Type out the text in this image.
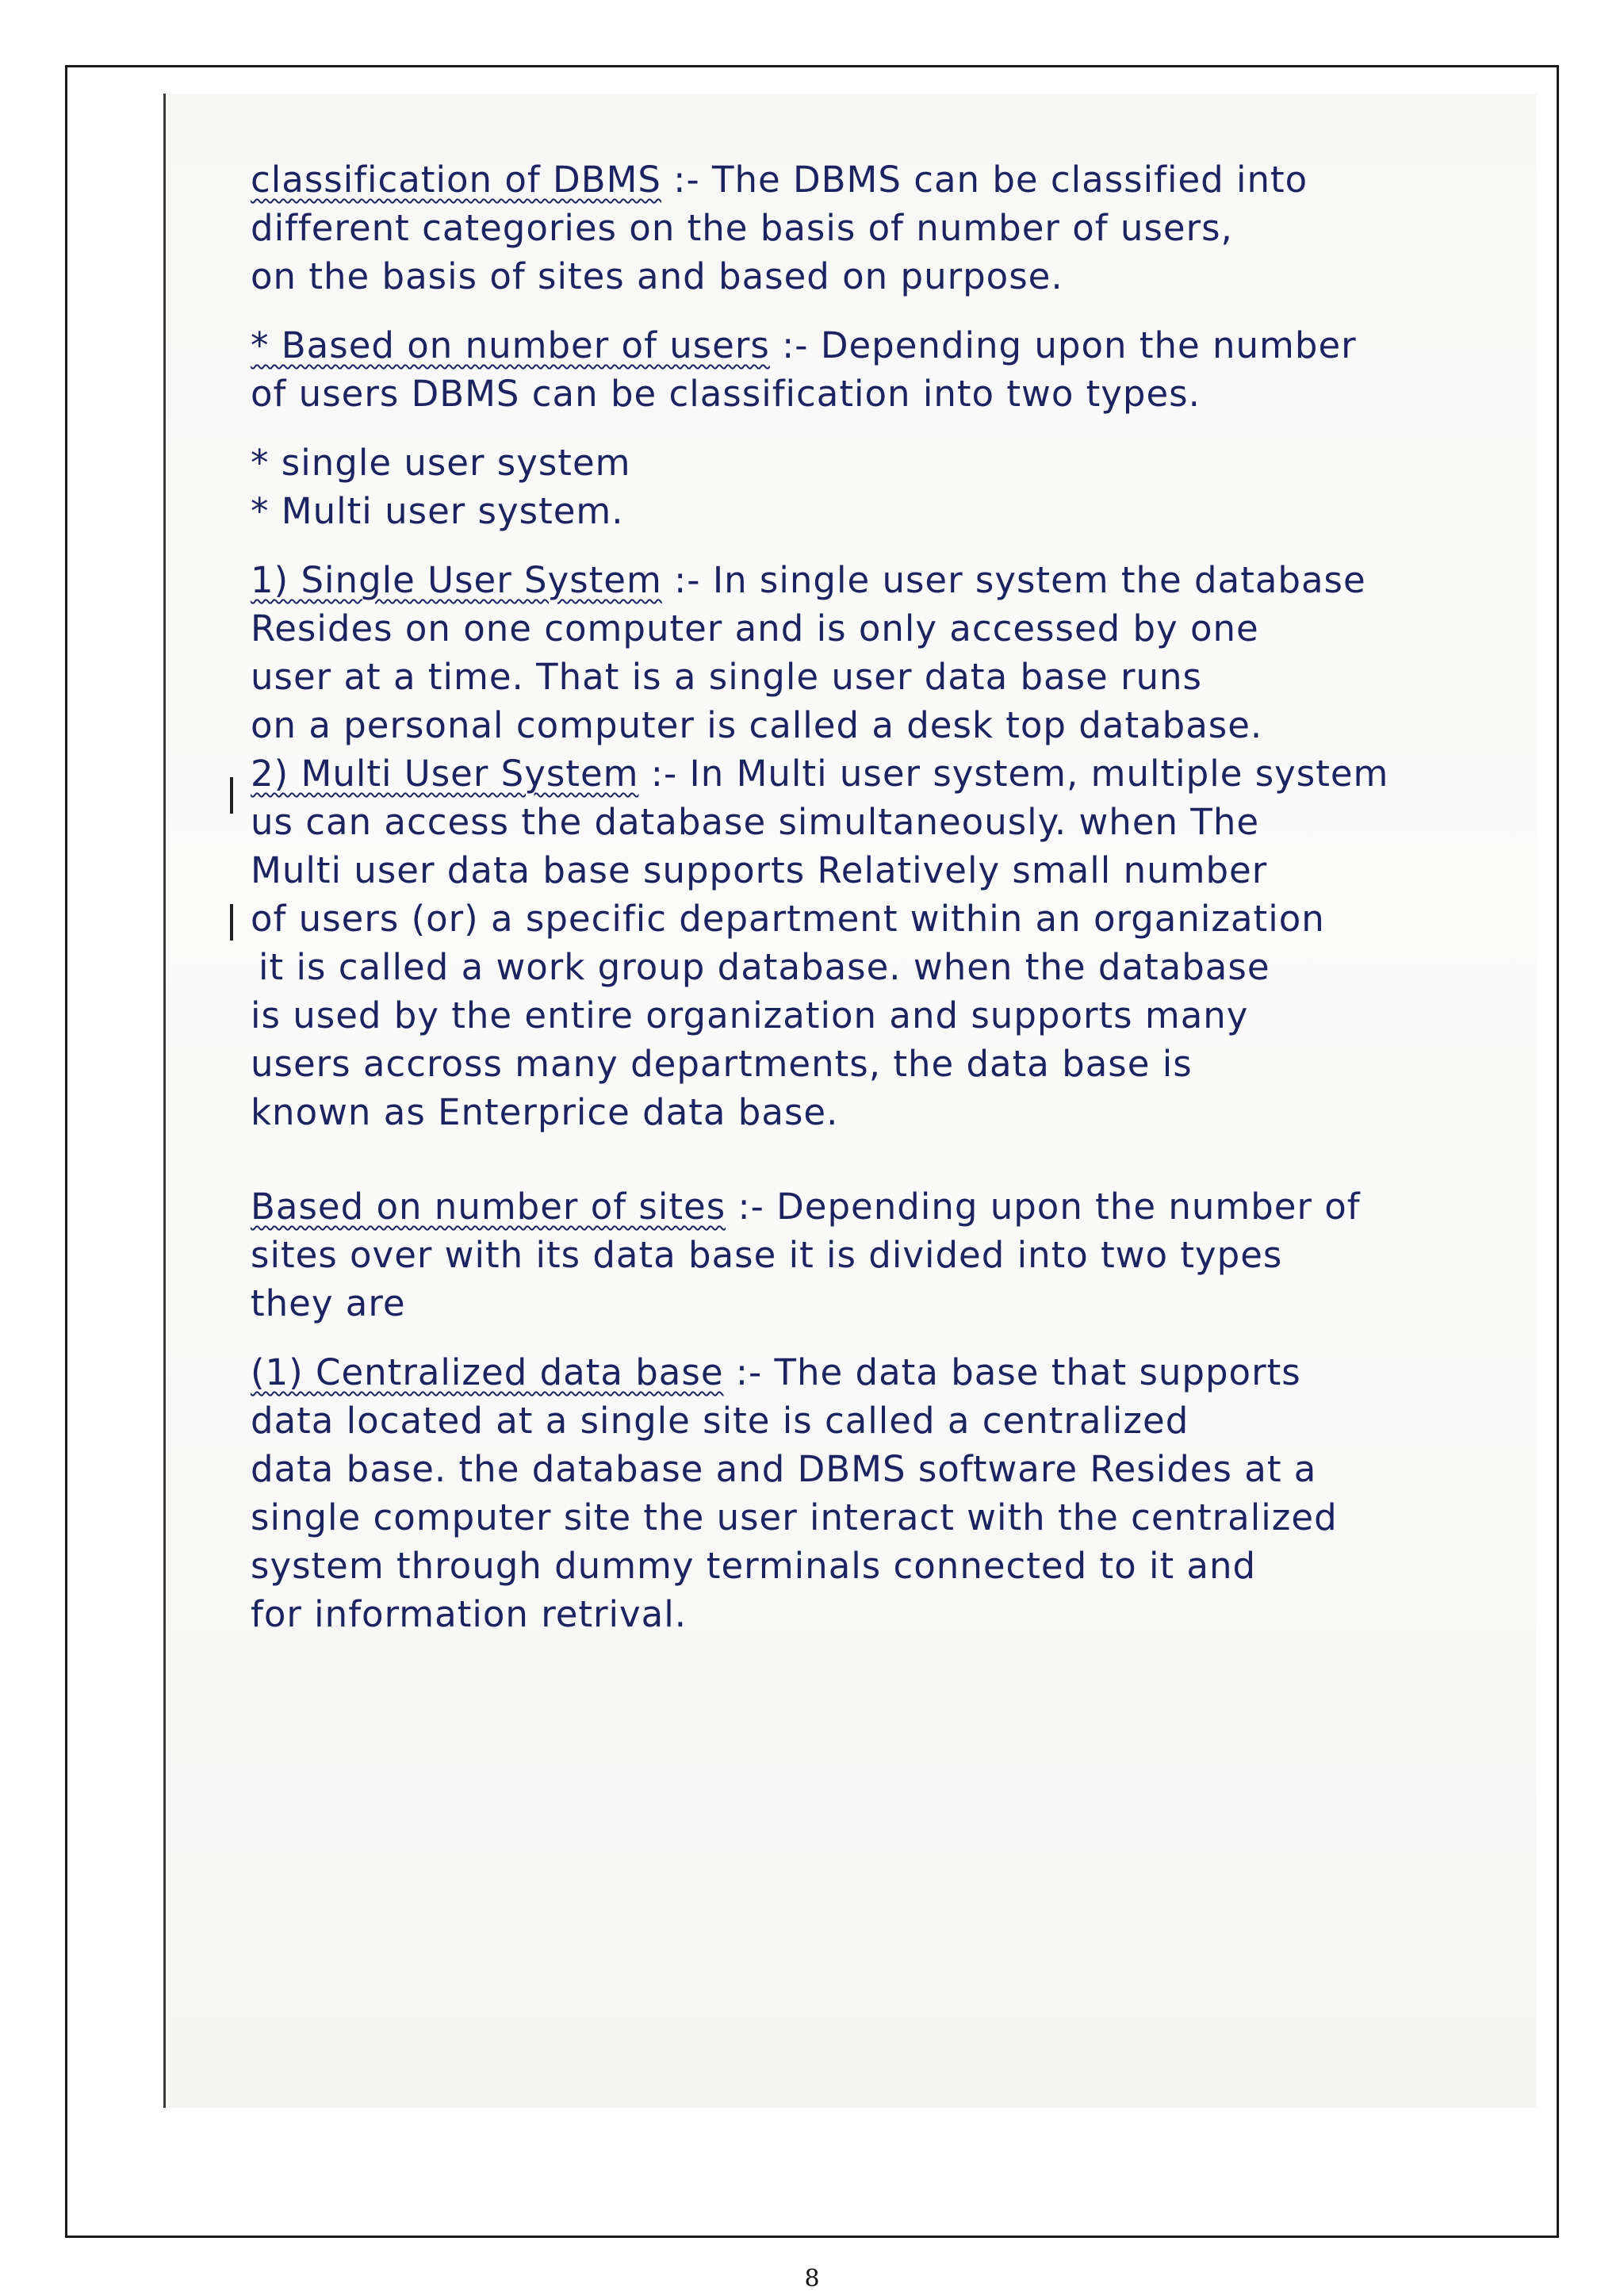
classification of DBMS :- The DBMS can be classified into

different categories on the basis of number of users,

on the basis of sites and based on purpose.

* Based on number of users :- Depending upon the number

of users DBMS can be classification into two types.

* single user system

* Multi user system.

1) Single User System :- In single user system the database

Resides on one computer and is only accessed by one

user at a time. That is a single user data base runs

on a personal computer is called a desk top database.

2) Multi User System :- In Multi user system, multiple system

us can access the database simultaneously. when The

Multi user data base supports Relatively small number

of users (or) a specific department within an organization

it is called a work group database. when the database

is used by the entire organization and supports many

users accross many departments, the data base is

known as Enterprice data base.

Based on number of sites :- Depending upon the number of

sites over with its data base it is divided into two types

they are

(1) Centralized data base :- The data base that supports

data located at a single site is called a centralized

data base. the database and DBMS software Resides at a

single computer site the user interact with the centralized

system through dummy terminals connected to it and

for information retrival.

8
